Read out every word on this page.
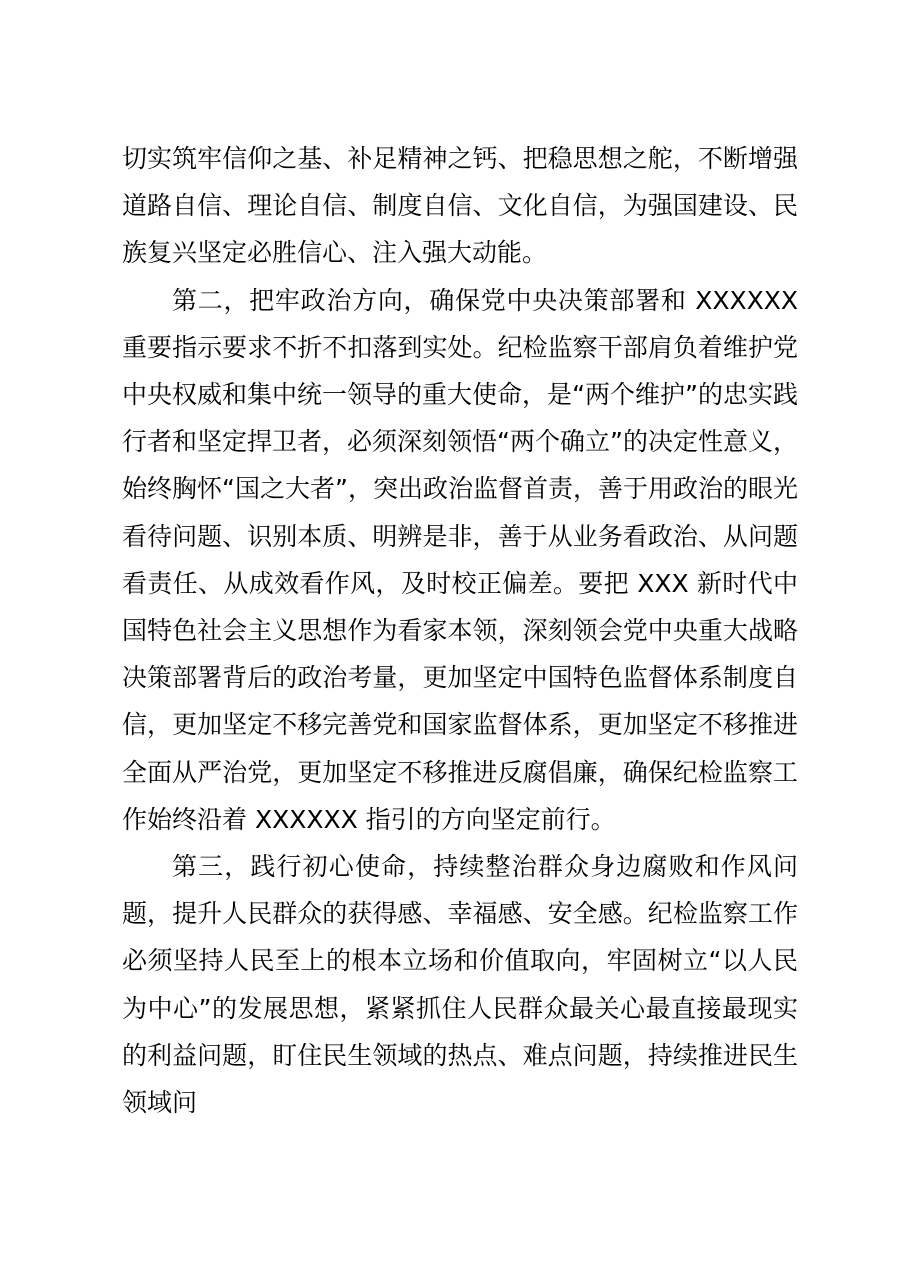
切实筑牢信仰之基、补足精神之钙、把稳思想之舵，不断增强道路自信、理论自信、制度自信、文化自信，为强国建设、民族复兴坚定必胜信心、注入强大动能。

第二，把牢政治方向，确保党中央决策部署和 XXXXXX 重要指示要求不折不扣落到实处。纪检监察干部肩负着维护党中央权威和集中统一领导的重大使命，是“两个维护”的忠实践行者和坚定捍卫者，必须深刻领悟“两个确立”的决定性意义，始终胸怀“国之大者”，突出政治监督首责，善于用政治的眼光看待问题、识别本质、明辨是非，善于从业务看政治、从问题看责任、从成效看作风，及时校正偏差。要把 XXX 新时代中国特色社会主义思想作为看家本领，深刻领会党中央重大战略决策部署背后的政治考量，更加坚定中国特色监督体系制度自信，更加坚定不移完善党和国家监督体系，更加坚定不移推进全面从严治党，更加坚定不移推进反腐倡廉，确保纪检监察工作始终沿着 XXXXXX 指引的方向坚定前行。

第三，践行初心使命，持续整治群众身边腐败和作风问题，提升人民群众的获得感、幸福感、安全感。纪检监察工作必须坚持人民至上的根本立场和价值取向，牢固树立“以人民为中心”的发展思想，紧紧抓住人民群众最关心最直接最现实的利益问题，盯住民生领域的热点、难点问题，持续推进民生领域问
